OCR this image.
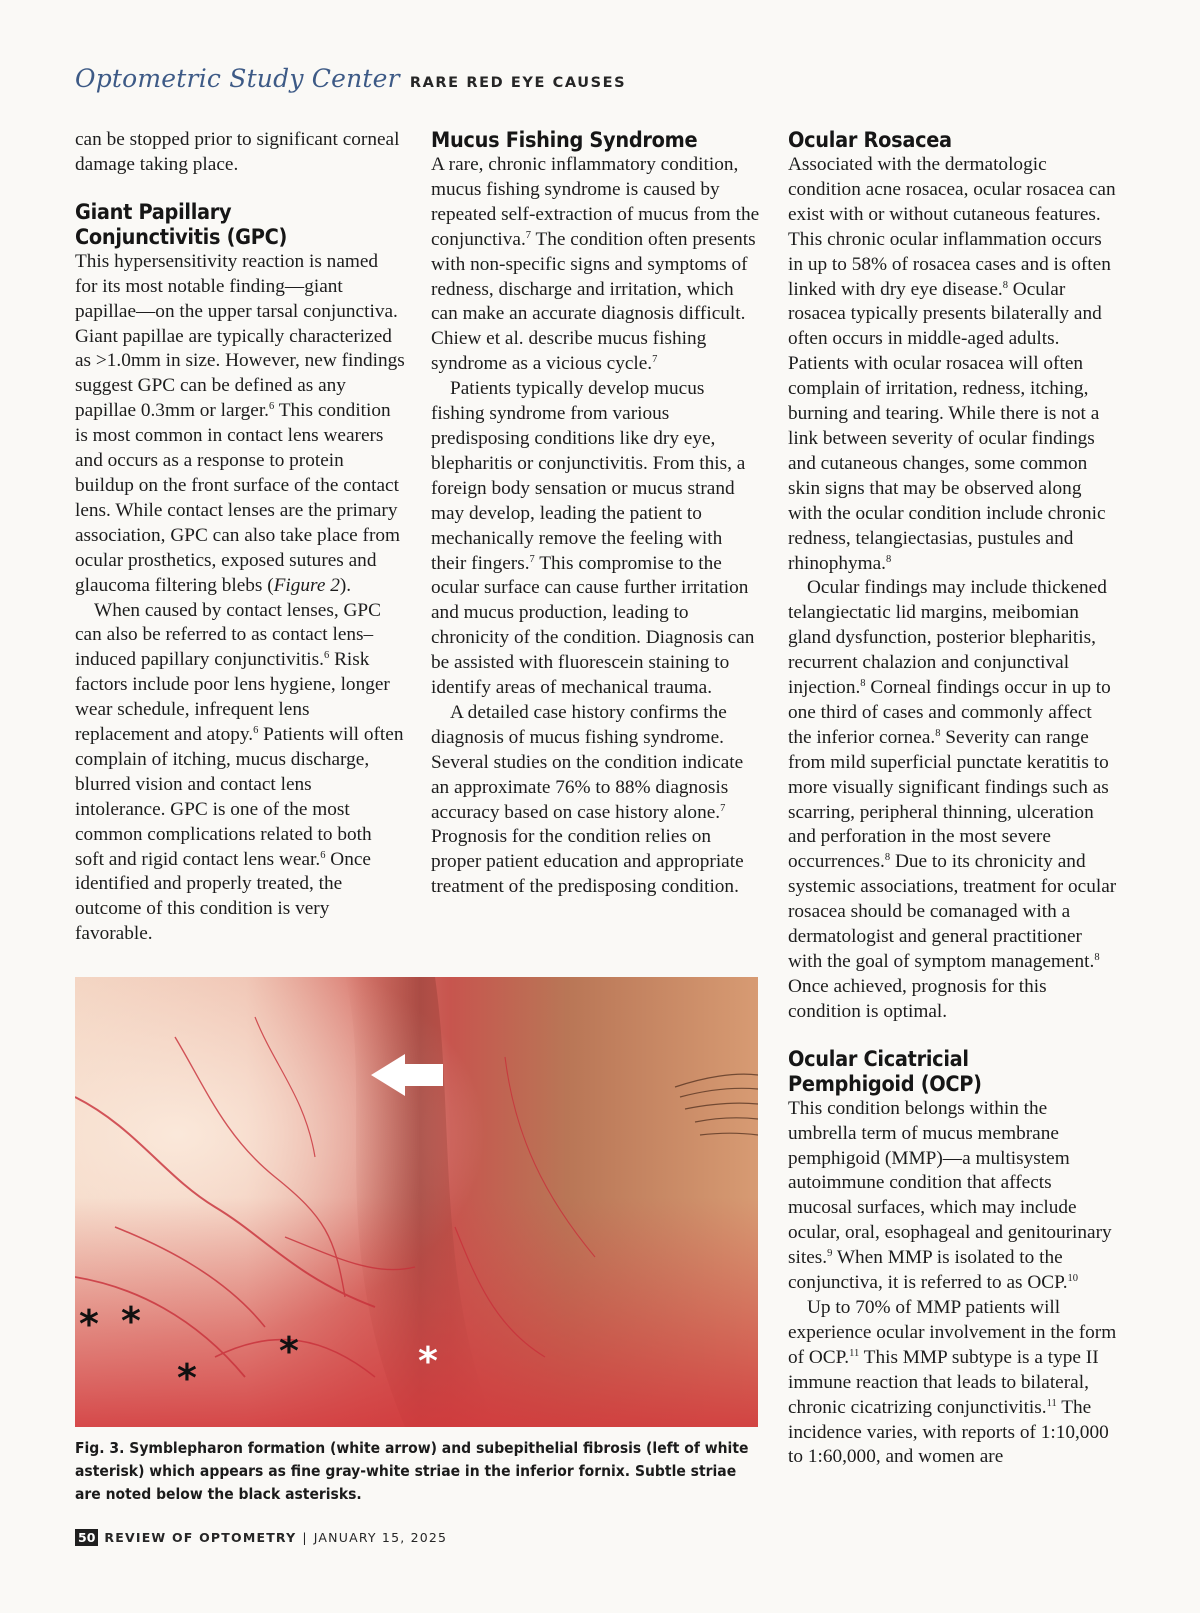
Optometric Study Center RARE RED EYE CAUSES

can be stopped prior to significant corneal damage taking place.

Giant Papillary
Conjunctivitis (GPC)

This hypersensitivity reaction is named for its most notable finding—giant papillae—on the upper tarsal conjunctiva. Giant papillae are typically characterized as >1.0mm in size. However, new findings suggest GPC can be defined as any papillae 0.3mm or larger.$^6$ This condition is most common in contact lens wearers and occurs as a response to protein buildup on the front surface of the contact lens. While contact lenses are the primary association, GPC can also take place from ocular prosthetics, exposed sutures and glaucoma filtering blebs (Figure 2).

When caused by contact lenses, GPC can also be referred to as contact lens–induced papillary conjunctivitis.$^6$ Risk factors include poor lens hygiene, longer wear schedule, infrequent lens replacement and atopy.$^6$ Patients will often complain of itching, mucus discharge, blurred vision and contact lens intolerance. GPC is one of the most common complications related to both soft and rigid contact lens wear.$^6$ Once identified and properly treated, the outcome of this condition is very favorable.

Mucus Fishing Syndrome

A rare, chronic inflammatory condition, mucus fishing syndrome is caused by repeated self-extraction of mucus from the conjunctiva.$^7$ The condition often presents with non-specific signs and symptoms of redness, discharge and irritation, which can make an accurate diagnosis difficult. Chiew et al. describe mucus fishing syndrome as a vicious cycle.$^7$

Patients typically develop mucus fishing syndrome from various predisposing conditions like dry eye, blepharitis or conjunctivitis. From this, a foreign body sensation or mucus strand may develop, leading the patient to mechanically remove the feeling with their fingers.$^7$ This compromise to the ocular surface can cause further irritation and mucus production, leading to chronicity of the condition. Diagnosis can be assisted with fluorescein staining to identify areas of mechanical trauma.

A detailed case history confirms the diagnosis of mucus fishing syndrome. Several studies on the condition indicate an approximate 76% to 88% diagnosis accuracy based on case history alone.$^7$ Prognosis for the condition relies on proper patient education and appropriate treatment of the predisposing condition.

Ocular Rosacea

Associated with the dermatologic condition acne rosacea, ocular rosacea can exist with or without cutaneous features. This chronic ocular inflammation occurs in up to 58% of rosacea cases and is often linked with dry eye disease.$^8$ Ocular rosacea typically presents bilaterally and often occurs in middle-aged adults. Patients with ocular rosacea will often complain of irritation, redness, itching, burning and tearing. While there is not a link between severity of ocular findings and cutaneous changes, some common skin signs that may be observed along with the ocular condition include chronic redness, telangiectasias, pustules and rhinophyma.$^8$

Ocular findings may include thickened telangiectatic lid margins, meibomian gland dysfunction, posterior blepharitis, recurrent chalazion and conjunctival injection.$^8$ Corneal findings occur in up to one third of cases and commonly affect the inferior cornea.$^8$ Severity can range from mild superficial punctate keratitis to more visually significant findings such as scarring, peripheral thinning, ulceration and perforation in the most severe occurrences.$^8$ Due to its chronicity and systemic associations, treatment for ocular rosacea should be comanaged with a dermatologist and general practitioner with the goal of symptom management.$^8$ Once achieved, prognosis for this condition is optimal.

Ocular Cicatricial
Pemphigoid (OCP)

This condition belongs within the umbrella term of mucus membrane pemphigoid (MMP)—a multisystem autoimmune condition that affects mucosal surfaces, which may include ocular, oral, esophageal and genitourinary sites.$^9$ When MMP is isolated to the conjunctiva, it is referred to as OCP.$^{10}$

Up to 70% of MMP patients will experience ocular involvement in the form of OCP.$^{11}$ This MMP subtype is a type II immune reaction that leads to bilateral, chronic cicatrizing conjunctivitis.$^{11}$ The incidence varies, with reports of 1:10,000 to 1:60,000, and women are

* *
*
*	*
Fig. 3. Symblepharon formation (white arrow) and subepithelial fibrosis (left of white asterisk) which appears as fine gray-white striae in the inferior fornix. Subtle striae are noted below the black asterisks.
50 REVIEW OF OPTOMETRY | JANUARY 15, 2025
